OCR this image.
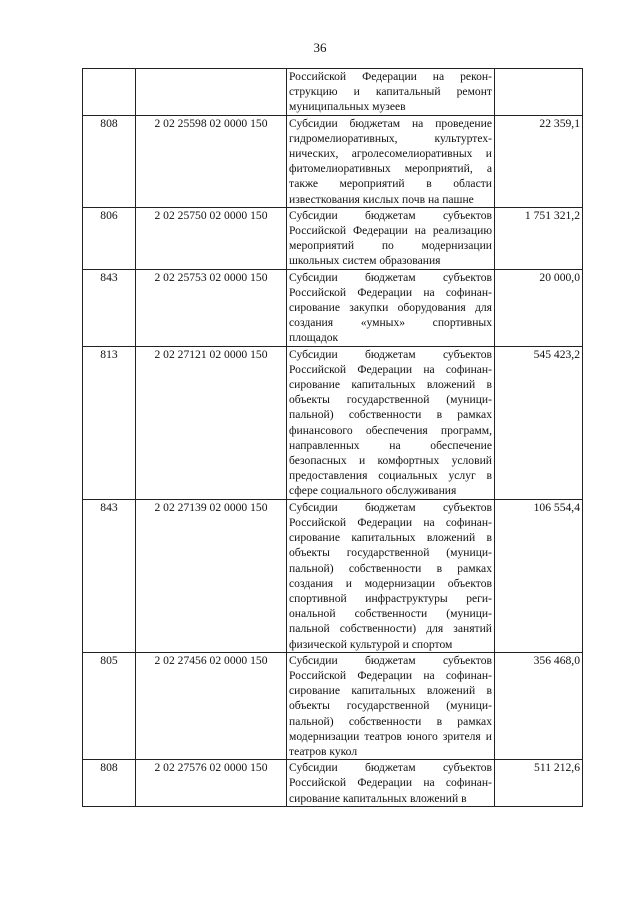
36
		Российской Федерации на реконструкцию и капитальный ремонт муниципальных музеев	
808	2 02 25598 02 0000 150	Субсидии бюджетам на проведение гидромелиоративных, культуртехнических, агролесомелиоративных и фитомелиоративных мероприятий, а также мероприятий в области известкования кислых почв на пашне	22 359,1
806	2 02 25750 02 0000 150	Субсидии бюджетам субъектов Российской Федерации на реализацию мероприятий по модернизации школьных систем образования	1 751 321,2
843	2 02 25753 02 0000 150	Субсидии бюджетам субъектов Российской Федерации на софинансирование закупки оборудования для создания «умных» спортивных площадок	20 000,0
813	2 02 27121 02 0000 150	Субсидии бюджетам субъектов Российской Федерации на софинансирование капитальных вложений в объекты государственной (муниципальной) собственности в рамках финансового обеспечения программ, направленных на обеспечение безопасных и комфортных условий предоставления социальных услуг в сфере социального обслуживания	545 423,2
843	2 02 27139 02 0000 150	Субсидии бюджетам субъектов Российской Федерации на софинансирование капитальных вложений в объекты государственной (муниципальной) собственности в рамках создания и модернизации объектов спортивной инфраструктуры региональной собственности (муниципальной собственности) для занятий физической культурой и спортом	106 554,4
805	2 02 27456 02 0000 150	Субсидии бюджетам субъектов Российской Федерации на софинансирование капитальных вложений в объекты государственной (муниципальной) собственности в рамках модернизации театров юного зрителя и театров кукол	356 468,0
808	2 02 27576 02 0000 150	Субсидии бюджетам субъектов Российской Федерации на софинансирование капитальных вложений в	511 212,6
